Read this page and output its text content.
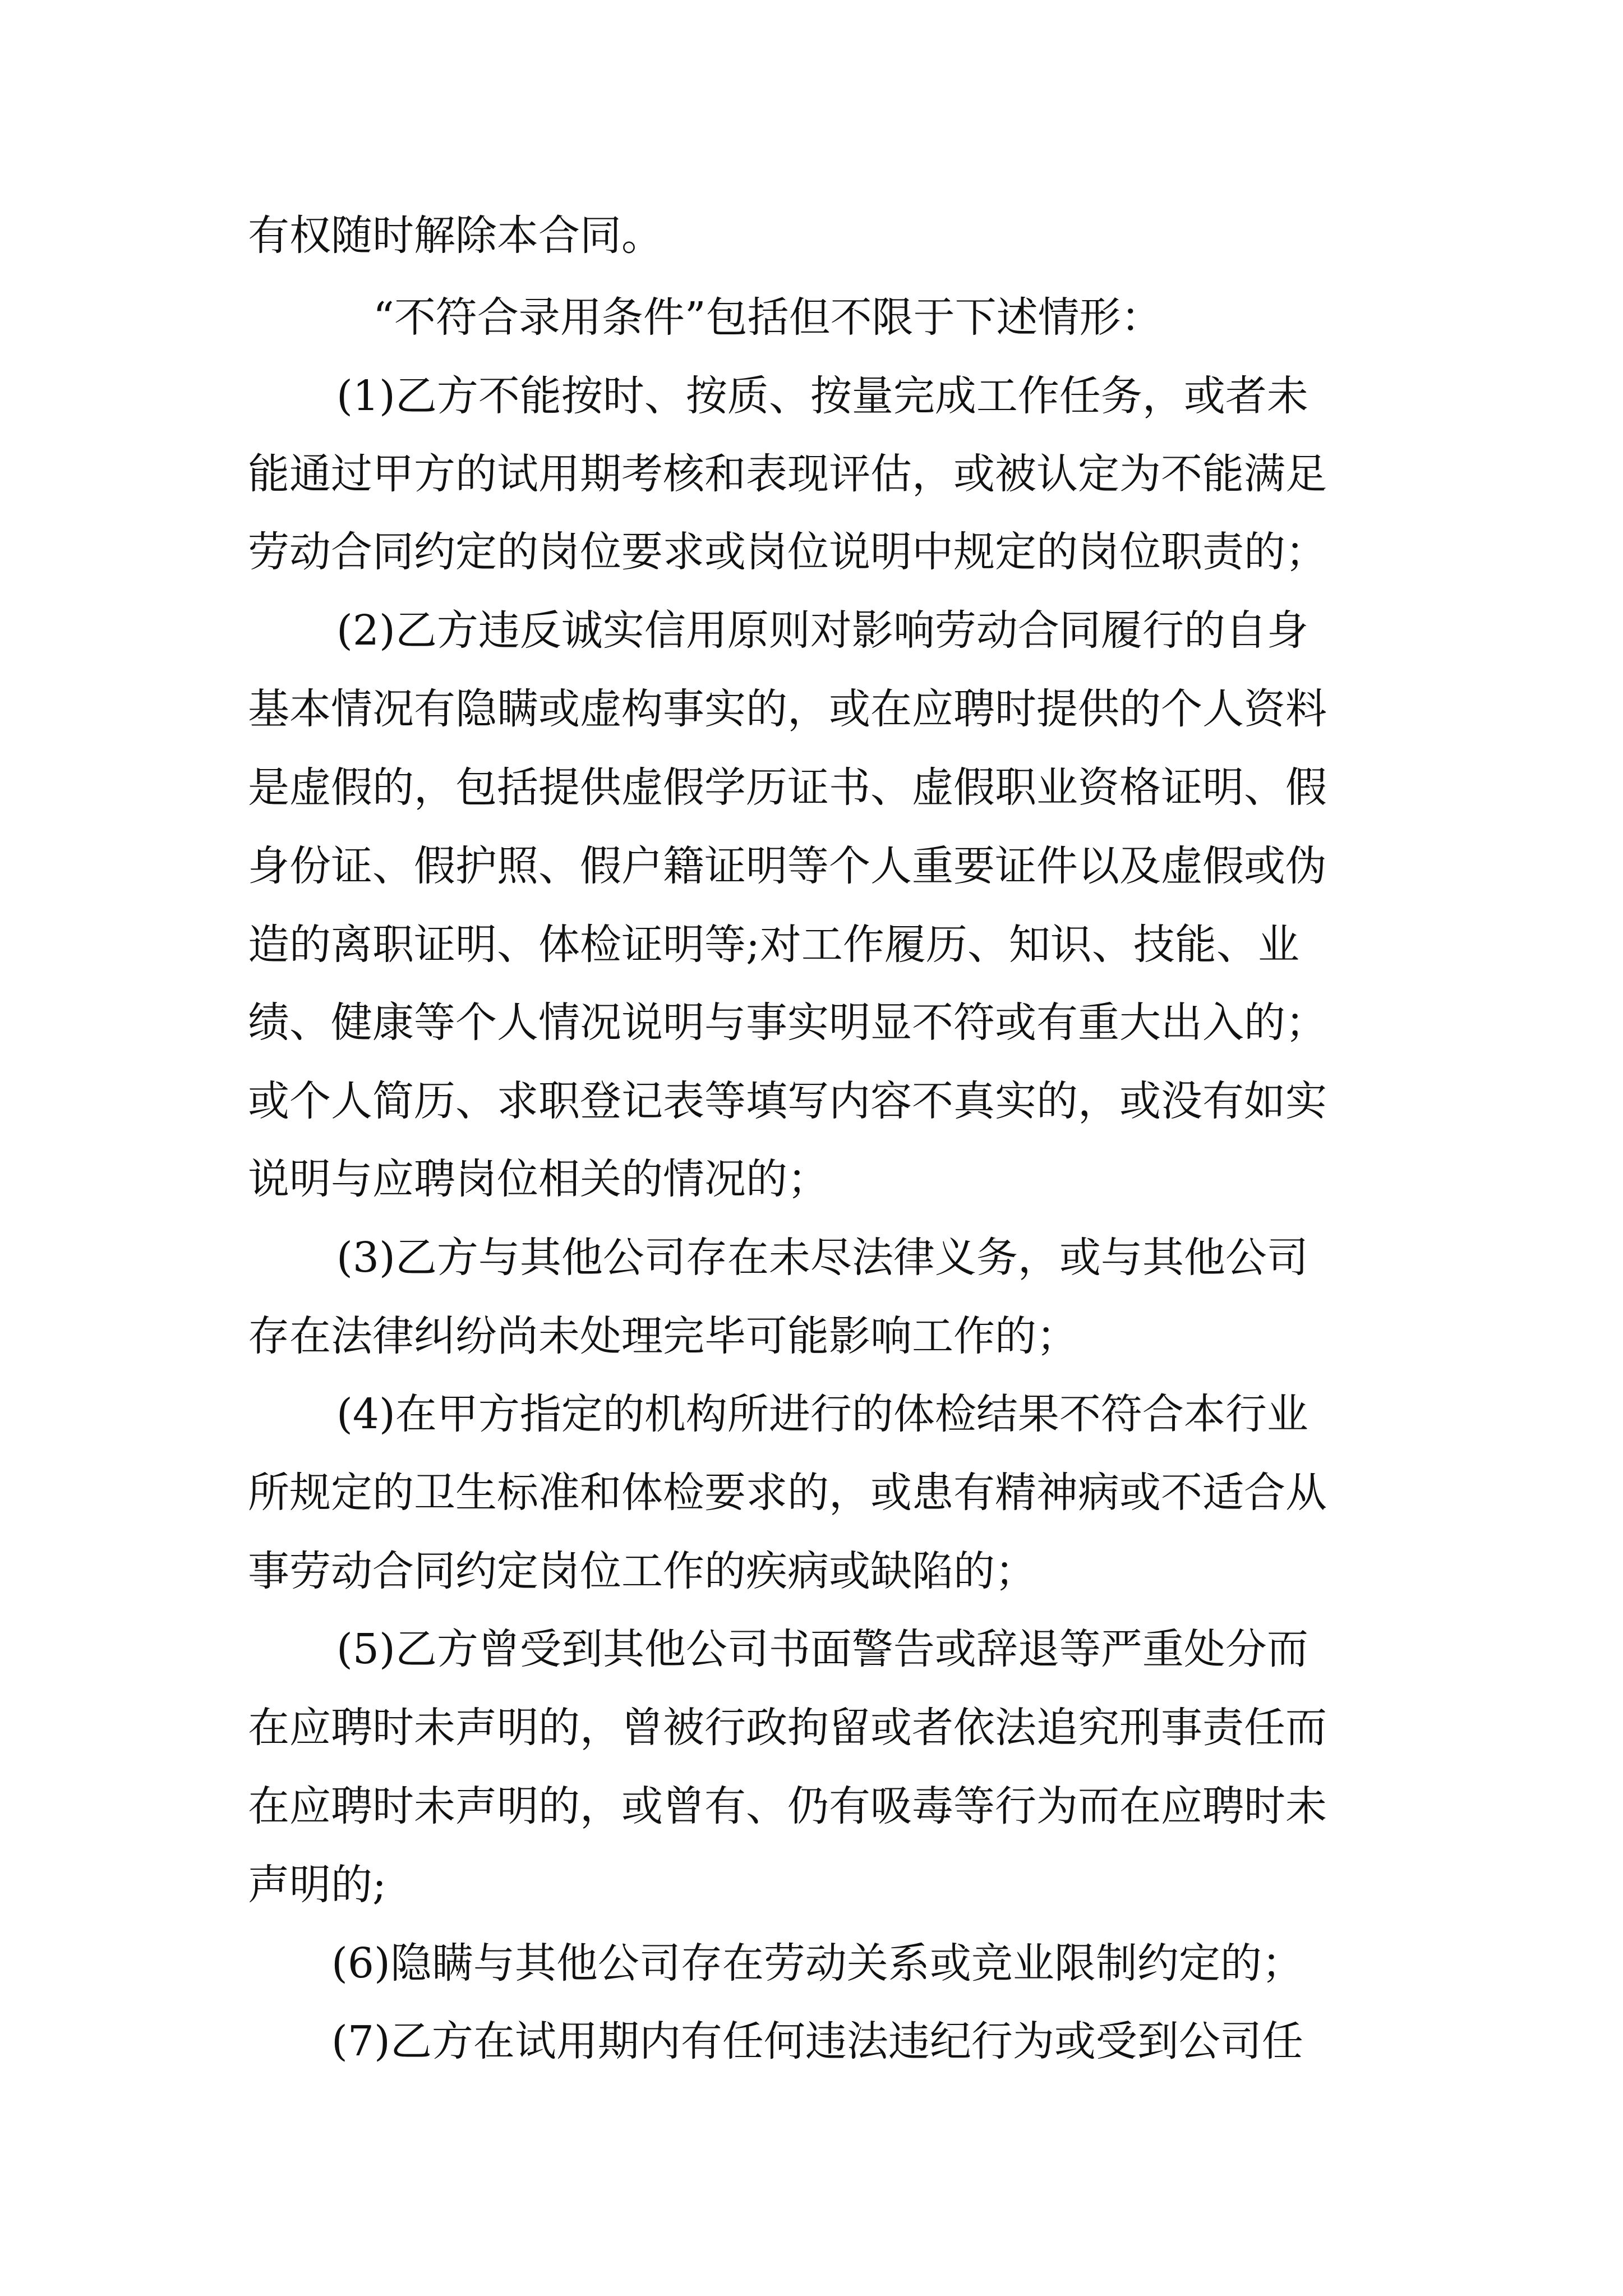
有权随时解除本合同。
“不符合录用条件”包括但不限于下述情形：
(1)乙方不能按时、按质、按量完成工作任务，或者未
能通过甲方的试用期考核和表现评估，或被认定为不能满足
劳动合同约定的岗位要求或岗位说明中规定的岗位职责的；
(2)乙方违反诚实信用原则对影响劳动合同履行的自身
基本情况有隐瞒或虚构事实的，或在应聘时提供的个人资料
是虚假的，包括提供虚假学历证书、虚假职业资格证明、假
身份证、假护照、假户籍证明等个人重要证件以及虚假或伪
造的离职证明、体检证明等;对工作履历、知识、技能、业
绩、健康等个人情况说明与事实明显不符或有重大出入的；
或个人简历、求职登记表等填写内容不真实的，或没有如实
说明与应聘岗位相关的情况的；
(3)乙方与其他公司存在未尽法律义务，或与其他公司
存在法律纠纷尚未处理完毕可能影响工作的；
(4)在甲方指定的机构所进行的体检结果不符合本行业
所规定的卫生标准和体检要求的，或患有精神病或不适合从
事劳动合同约定岗位工作的疾病或缺陷的；
(5)乙方曾受到其他公司书面警告或辞退等严重处分而
在应聘时未声明的，曾被行政拘留或者依法追究刑事责任而
在应聘时未声明的，或曾有、仍有吸毒等行为而在应聘时未
声明的;
(6)隐瞒与其他公司存在劳动关系或竞业限制约定的；
(7)乙方在试用期内有任何违法违纪行为或受到公司任
